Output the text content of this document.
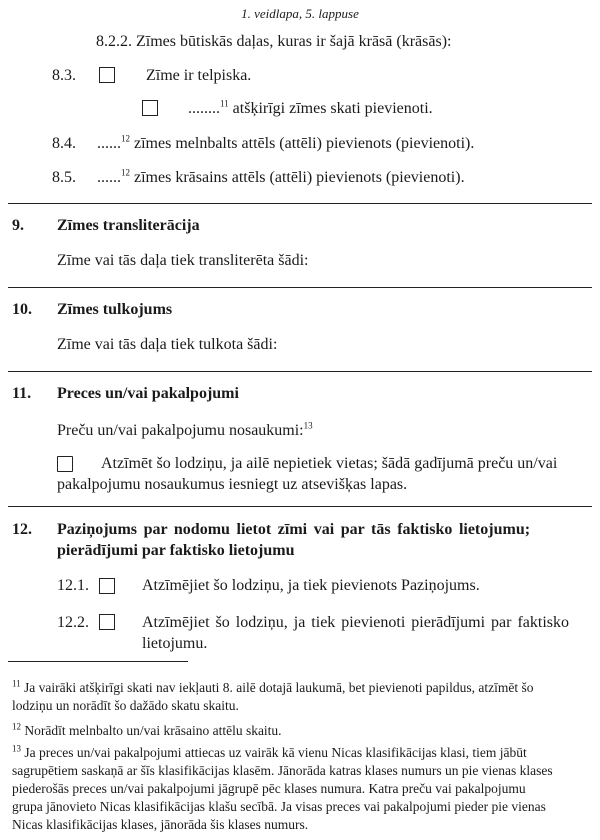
1. veidlapa, 5. lappuse
8.2.2. Zīmes būtiskās daļas, kuras ir šajā krāsā (krāsās):
8.3.	Zīme ir telpiska.
........$^{11}$ atšķirīgi zīmes skati pievienoti.
8.4. ......$^{12}$ zīmes melnbalts attēls (attēli) pievienots (pievienoti).
8.5. ......$^{12}$ zīmes krāsains attēls (attēli) pievienots (pievienoti).
9. Zīmes transliterācija
Zīme vai tās daļa tiek transliterēta šādi:
10. Zīmes tulkojums
Zīme vai tās daļa tiek tulkota šādi:
11. Preces un/vai pakalpojumi
Preču un/vai pakalpojumu nosaukumi:$^{13}$
Atzīmēt šo lodziņu, ja ailē nepietiek vietas; šādā gadījumā preču un/vai
pakalpojumu nosaukumus iesniegt uz atsevišķas lapas.
12. Paziņojums par nodomu lietot zīmi vai par tās faktisko lietojumu;
pierādījumi par faktisko lietojumu
12.1.	Atzīmējiet šo lodziņu, ja tiek pievienots Paziņojums.
12.2.	Atzīmējiet šo lodziņu, ja tiek pievienoti pierādījumi par faktisko
lietojumu.
$^{11}$ Ja vairāki atšķirīgi skati nav iekļauti 8. ailē dotajā laukumā, bet pievienoti papildus, atzīmēt šo
lodziņu un norādīt šo dažādo skatu skaitu.
$^{12}$ Norādīt melnbalto un/vai krāsaino attēlu skaitu.
$^{13}$ Ja preces un/vai pakalpojumi attiecas uz vairāk kā vienu Nicas klasifikācijas klasi, tiem jābūt
sagrupētiem saskaņā ar šīs klasifikācijas klasēm. Jānorāda katras klases numurs un pie vienas klases
piederošās preces un/vai pakalpojumi jāgrupē pēc klases numura. Katra preču vai pakalpojumu
grupa jānovieto Nicas klasifikācijas klašu secībā. Ja visas preces vai pakalpojumi pieder pie vienas
Nicas klasifikācijas klases, jānorāda šis klases numurs.
